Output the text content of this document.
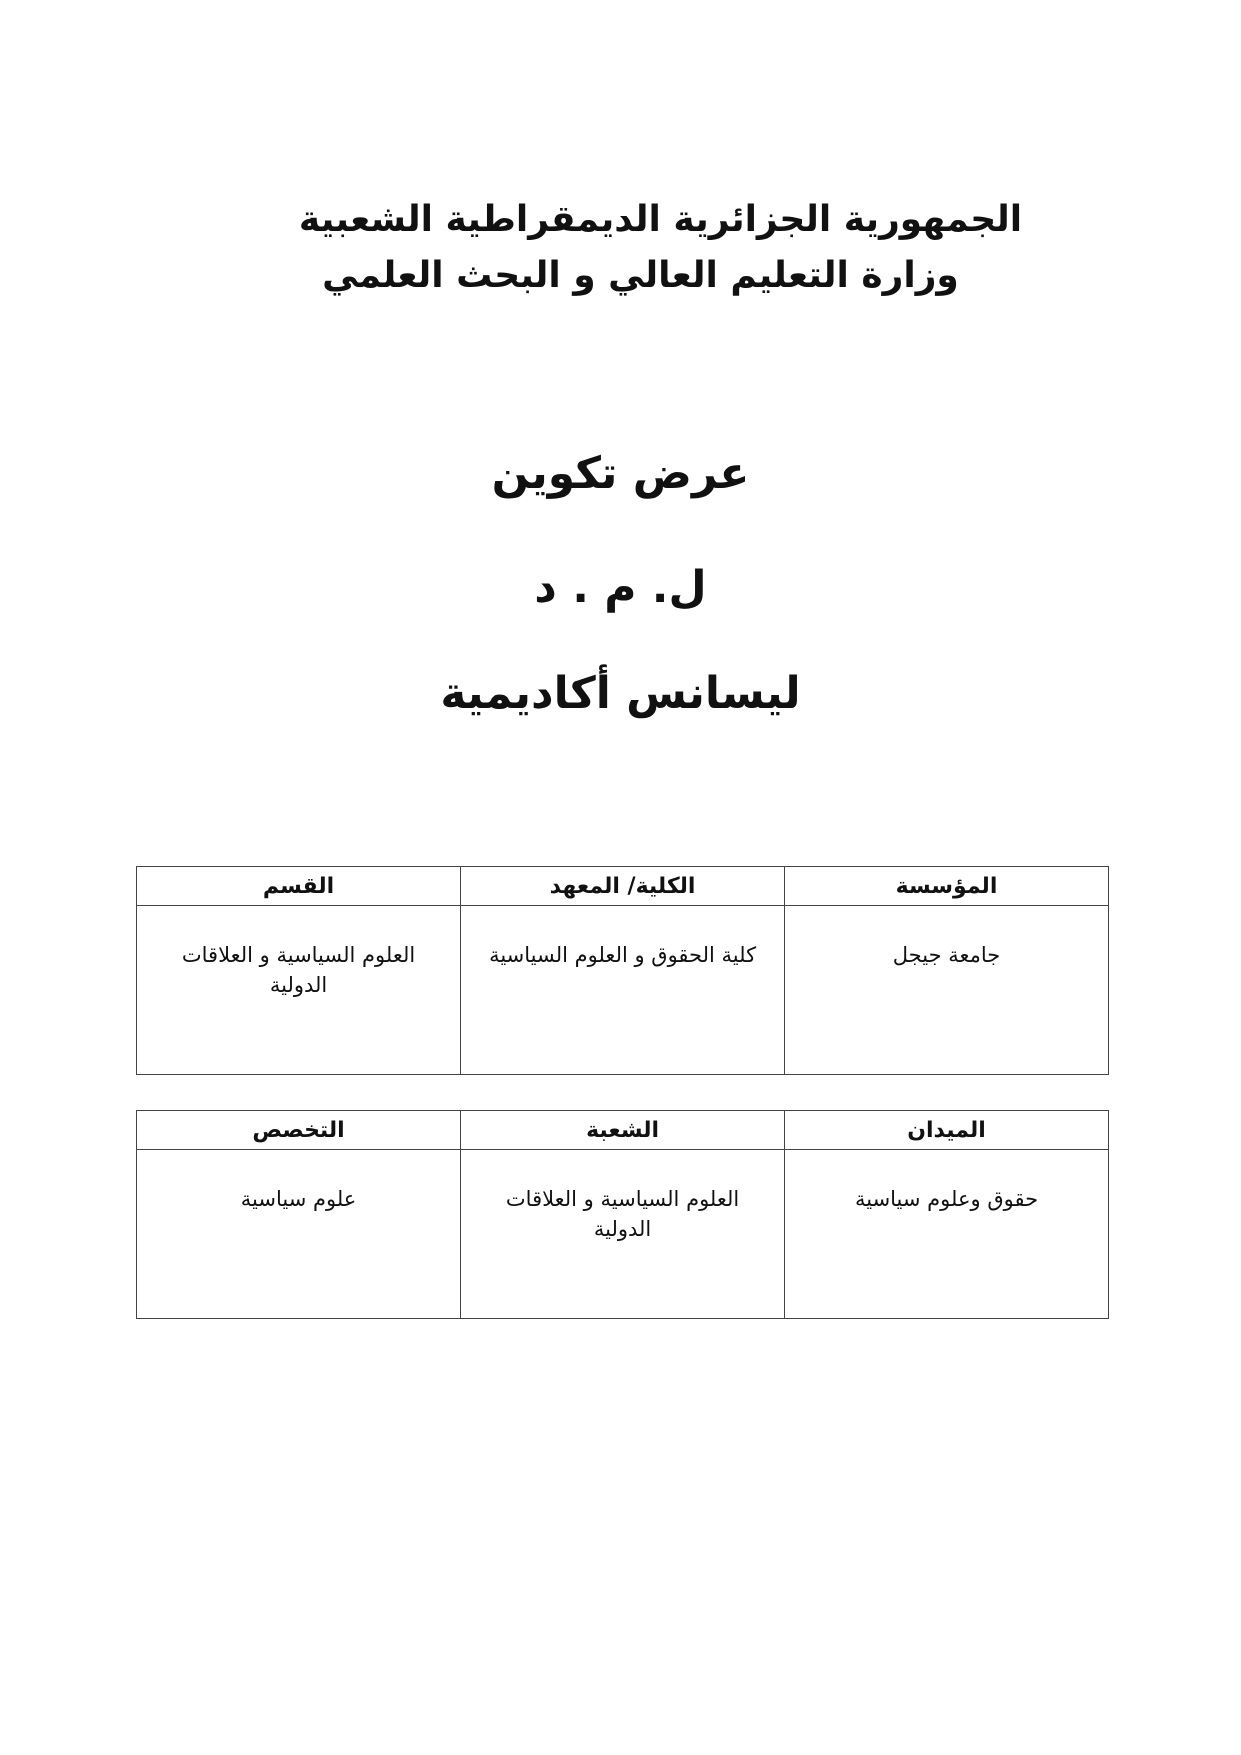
الجمهورية الجزائرية الديمقراطية الشعبية
وزارة التعليم العالي و البحث العلمي
عرض تكوين
ل. م . د
ليسانس أكاديمية
المؤسسة	الكلية/ المعهد	القسم
جامعة جيجل	كلية الحقوق و العلوم السياسية	العلوم السياسية و العلاقات الدولية
الميدان	الشعبة	التخصص
حقوق وعلوم سياسية	العلوم السياسية و العلاقات الدولية	علوم سياسية
